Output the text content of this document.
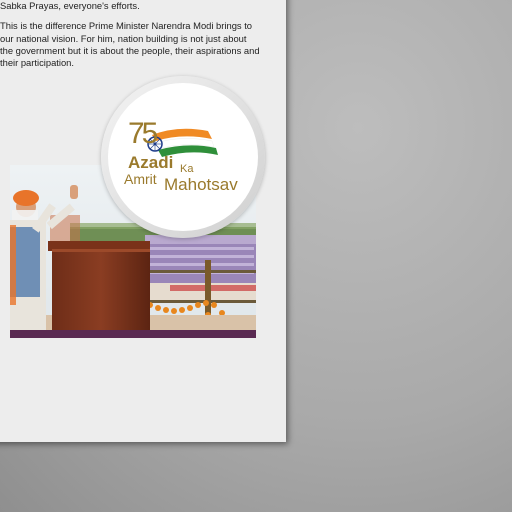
Sabka Prayas, everyone's efforts.

This is the difference Prime Minister Narendra Modi brings to

our national vision. For him, nation building is not just about

the government but it is about the people, their aspirations and

their participation.

75
Azadi Ka
Amrit Mahotsav
